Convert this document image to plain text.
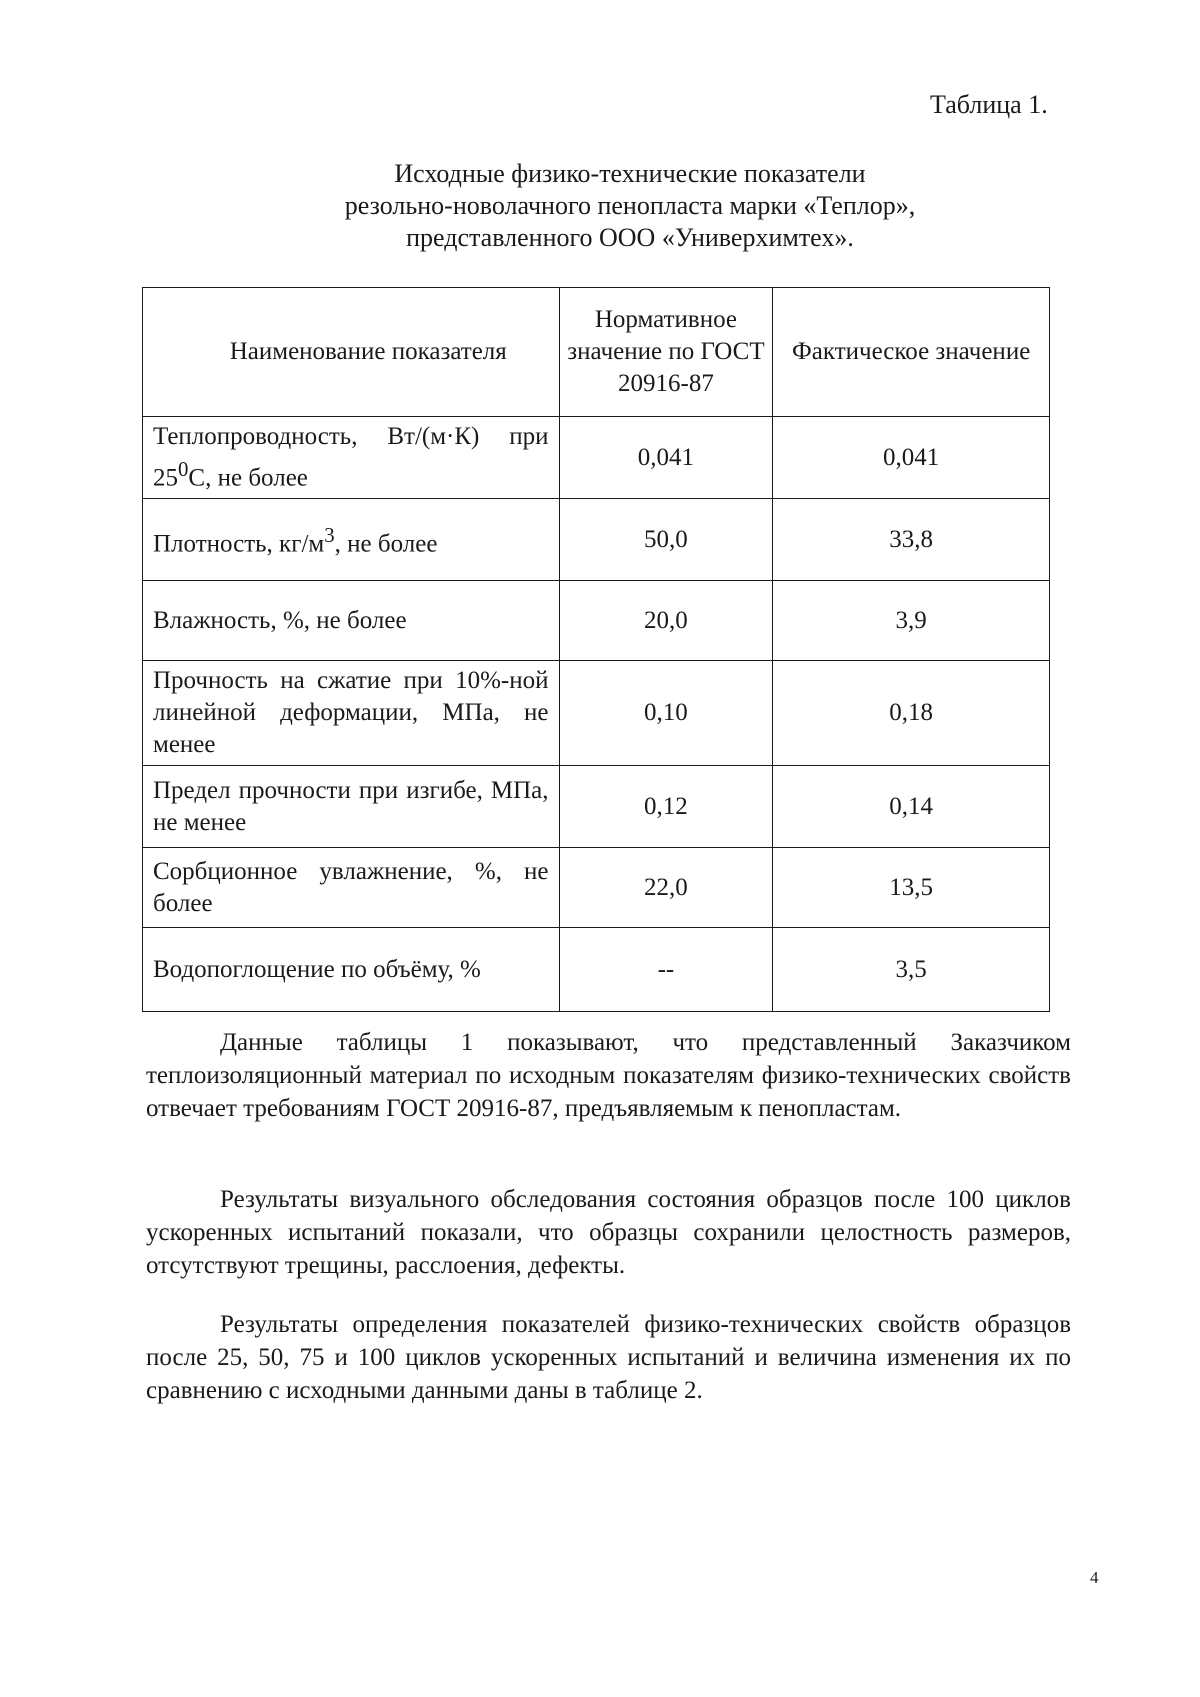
Таблица 1.
Исходные физико-технические показатели
резольно-новолачного пенопласта марки «Теплор»,
представленного ООО «Универхимтех».
Наименование показателя	Нормативное значение по ГОСТ 20916-87	Фактическое значение
Теплопроводность, Вт/(м·К) при $25^0С$, не более	0,041	0,041
Плотность, $кг/м^3$, не более	50,0	33,8
Влажность, %, не более	20,0	3,9
Прочность на сжатие при 10%-ной линейной деформации, МПа, не менее	0,10	0,18
Предел прочности при изгибе, МПа, не менее	0,12	0,14
Сорбционное увлажнение, %, не более	22,0	13,5
Водопоглощение по объёму, %	--	3,5

Данные таблицы 1 показывают, что представленный Заказчиком теплоизоляционный материал по исходным показателям физико-технических свойств отвечает требованиям ГОСТ 20916-87, предъявляемым к пенопластам.

Результаты визуального обследования состояния образцов после 100 циклов ускоренных испытаний показали, что образцы сохранили целостность размеров, отсутствуют трещины, расслоения, дефекты.

Результаты определения показателей физико-технических свойств образцов после 25, 50, 75 и 100 циклов ускоренных испытаний и величина изменения их по сравнению с исходными данными даны в таблице 2.

4
